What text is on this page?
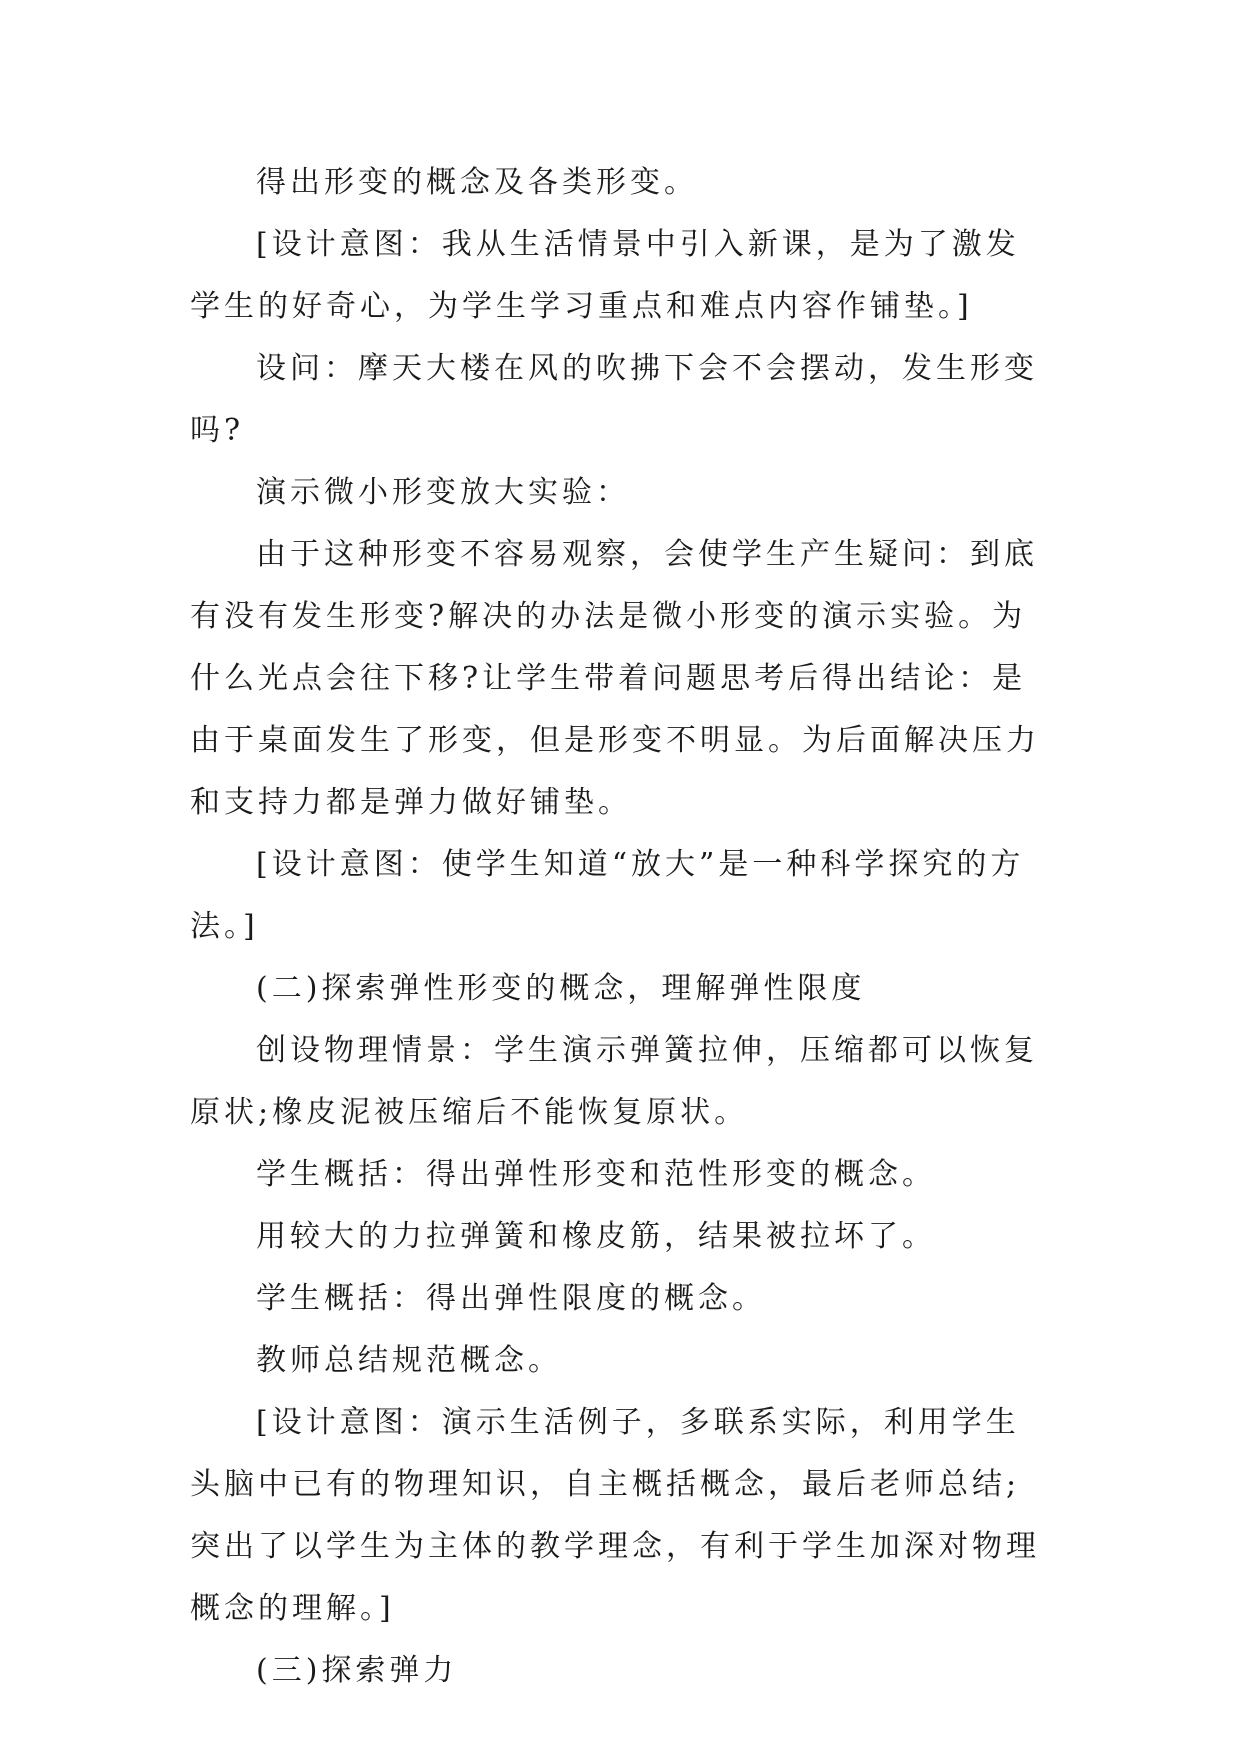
得出形变的概念及各类形变。

[设计意图：我从生活情景中引入新课，是为了激发学生的好奇心，为学生学习重点和难点内容作铺垫。]

设问：摩天大楼在风的吹拂下会不会摆动，发生形变吗?

演示微小形变放大实验：

由于这种形变不容易观察，会使学生产生疑问：到底有没有发生形变?解决的办法是微小形变的演示实验。为什么光点会往下移?让学生带着问题思考后得出结论：是由于桌面发生了形变，但是形变不明显。为后面解决压力和支持力都是弹力做好铺垫。

[设计意图：使学生知道“放大”是一种科学探究的方法。]

(二)探索弹性形变的概念，理解弹性限度

创设物理情景：学生演示弹簧拉伸，压缩都可以恢复原状;橡皮泥被压缩后不能恢复原状。

学生概括：得出弹性形变和范性形变的概念。

用较大的力拉弹簧和橡皮筋，结果被拉坏了。

学生概括：得出弹性限度的概念。

教师总结规范概念。

[设计意图：演示生活例子，多联系实际，利用学生头脑中已有的物理知识，自主概括概念，最后老师总结;突出了以学生为主体的教学理念，有利于学生加深对物理概念的理解。]

(三)探索弹力
